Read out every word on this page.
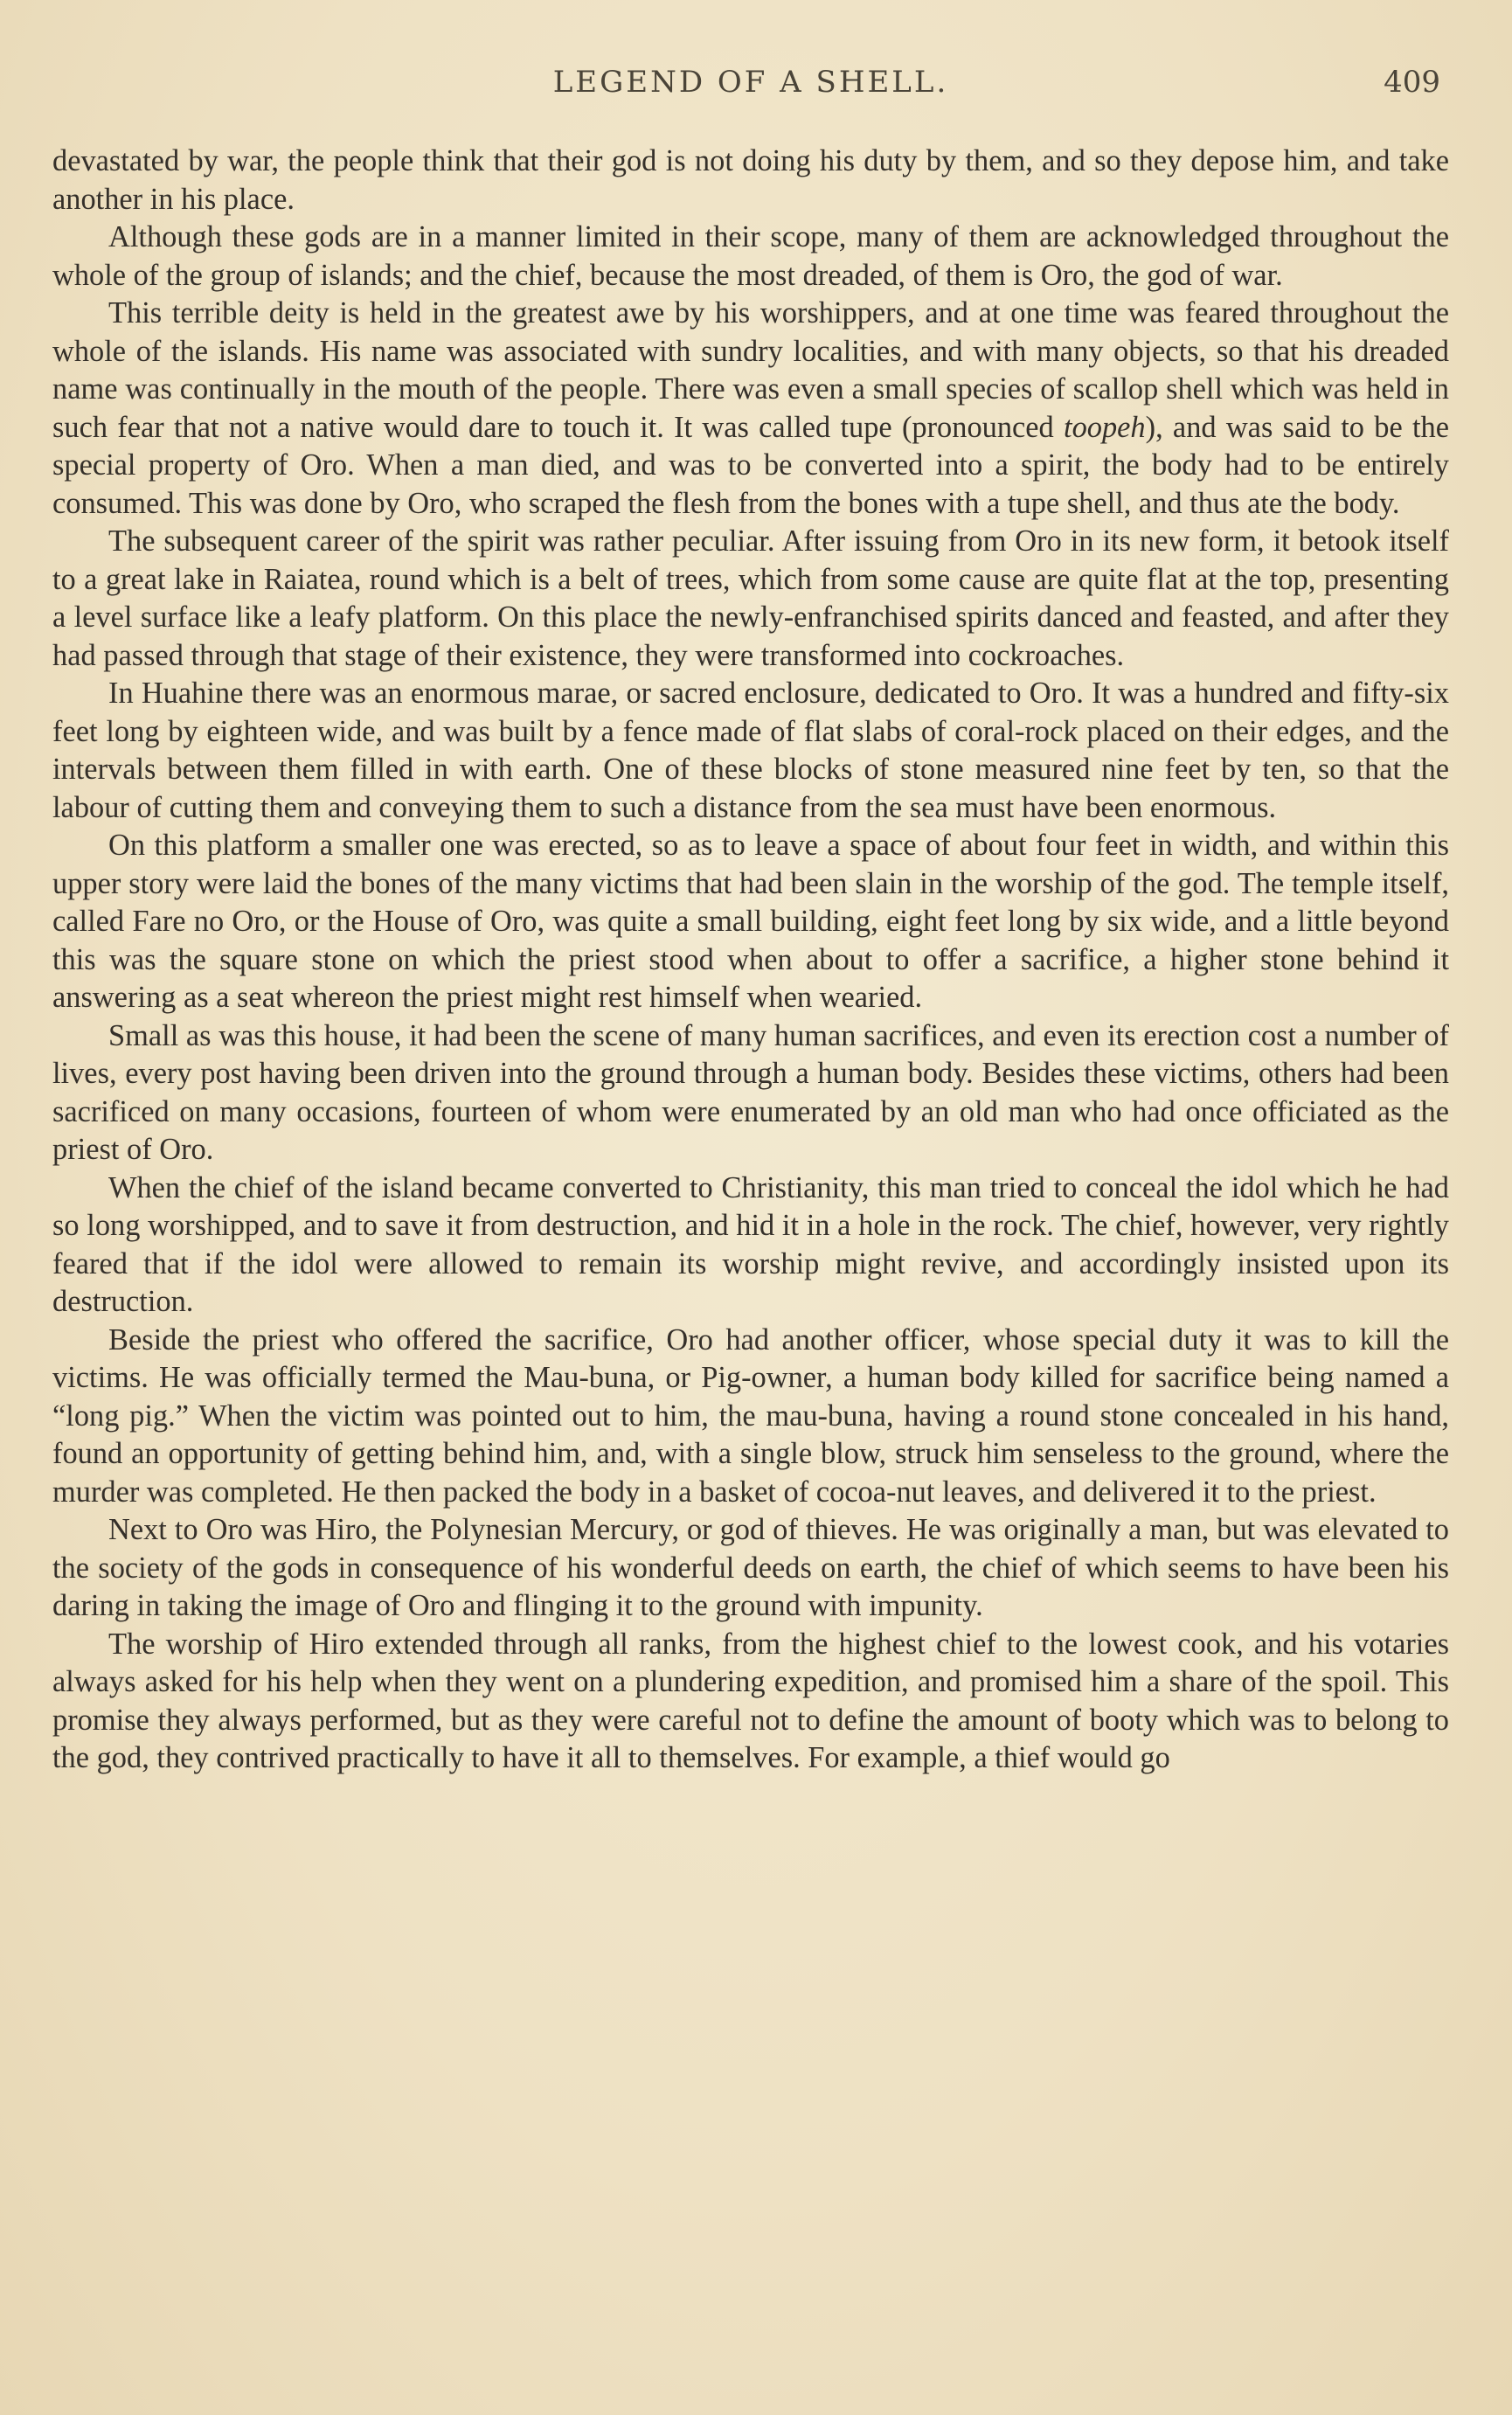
LEGEND OF A SHELL.	409

devastated by war, the people think that their god is not doing his duty by them, and so they depose him, and take another in his place.

Although these gods are in a manner limited in their scope, many of them are acknowledged throughout the whole of the group of islands; and the chief, because the most dreaded, of them is Oro, the god of war.

This terrible deity is held in the greatest awe by his worshippers, and at one time was feared throughout the whole of the islands. His name was associated with sundry localities, and with many objects, so that his dreaded name was continually in the mouth of the people. There was even a small species of scallop shell which was held in such fear that not a native would dare to touch it. It was called tupe (pronounced toopeh), and was said to be the special property of Oro. When a man died, and was to be converted into a spirit, the body had to be entirely consumed. This was done by Oro, who scraped the flesh from the bones with a tupe shell, and thus ate the body.

The subsequent career of the spirit was rather peculiar. After issuing from Oro in its new form, it betook itself to a great lake in Raiatea, round which is a belt of trees, which from some cause are quite flat at the top, presenting a level surface like a leafy platform. On this place the newly-enfranchised spirits danced and feasted, and after they had passed through that stage of their existence, they were transformed into cockroaches.

In Huahine there was an enormous marae, or sacred enclosure, dedicated to Oro. It was a hundred and fifty-six feet long by eighteen wide, and was built by a fence made of flat slabs of coral-rock placed on their edges, and the intervals between them filled in with earth. One of these blocks of stone measured nine feet by ten, so that the labour of cutting them and conveying them to such a distance from the sea must have been enormous.

On this platform a smaller one was erected, so as to leave a space of about four feet in width, and within this upper story were laid the bones of the many victims that had been slain in the worship of the god. The temple itself, called Fare no Oro, or the House of Oro, was quite a small building, eight feet long by six wide, and a little beyond this was the square stone on which the priest stood when about to offer a sacrifice, a higher stone behind it answering as a seat whereon the priest might rest himself when wearied.

Small as was this house, it had been the scene of many human sacrifices, and even its erection cost a number of lives, every post having been driven into the ground through a human body. Besides these victims, others had been sacrificed on many occasions, fourteen of whom were enumerated by an old man who had once officiated as the priest of Oro.

When the chief of the island became converted to Christianity, this man tried to conceal the idol which he had so long worshipped, and to save it from destruction, and hid it in a hole in the rock. The chief, however, very rightly feared that if the idol were allowed to remain its worship might revive, and accordingly insisted upon its destruction.

Beside the priest who offered the sacrifice, Oro had another officer, whose special duty it was to kill the victims. He was officially termed the Mau-buna, or Pig-owner, a human body killed for sacrifice being named a “long pig.” When the victim was pointed out to him, the mau-buna, having a round stone concealed in his hand, found an opportunity of getting behind him, and, with a single blow, struck him senseless to the ground, where the murder was completed. He then packed the body in a basket of cocoa-nut leaves, and delivered it to the priest.

Next to Oro was Hiro, the Polynesian Mercury, or god of thieves. He was originally a man, but was elevated to the society of the gods in consequence of his wonderful deeds on earth, the chief of which seems to have been his daring in taking the image of Oro and flinging it to the ground with impunity.

The worship of Hiro extended through all ranks, from the highest chief to the lowest cook, and his votaries always asked for his help when they went on a plundering expedition, and promised him a share of the spoil. This promise they always performed, but as they were careful not to define the amount of booty which was to belong to the god, they contrived practically to have it all to themselves. For example, a thief would go
